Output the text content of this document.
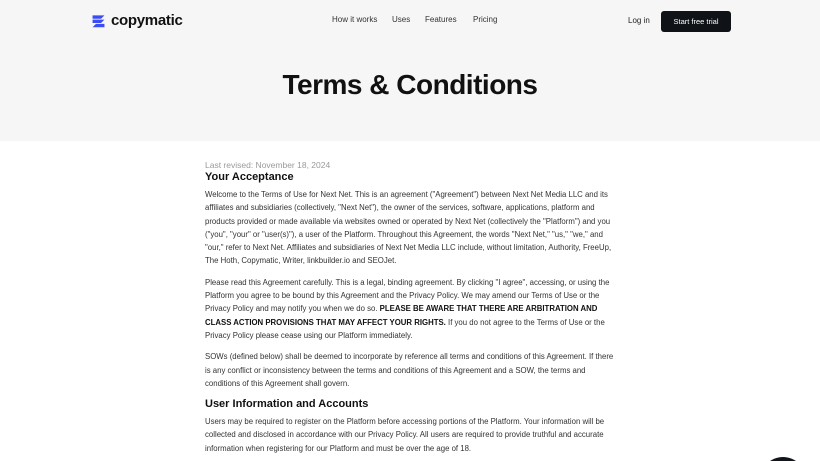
copymatic	How it works Uses Features Pricing	Log in	Start free trial
Terms & Conditions
Last revised: November 18, 2024
Your Acceptance

Welcome to the Terms of Use for Next Net. This is an agreement ("Agreement") between Next Net Media LLC and its affiliates and subsidiaries (collectively, "Next Net"), the owner of the services, software, applications, platform and products provided or made available via websites owned or operated by Next Net (collectively the "Platform") and you ("you", "your" or "user(s)"), a user of the Platform. Throughout this Agreement, the words "Next Net," "us," "we," and "our," refer to Next Net. Affiliates and subsidiaries of Next Net Media LLC include, without limitation, Authority, FreeUp, The Hoth, Copymatic, Writer, linkbuilder.io and SEOJet.

Please read this Agreement carefully. This is a legal, binding agreement. By clicking "I agree", accessing, or using the Platform you agree to be bound by this Agreement and the Privacy Policy. We may amend our Terms of Use or the Privacy Policy and may notify you when we do so. PLEASE BE AWARE THAT THERE ARE ARBITRATION AND CLASS ACTION PROVISIONS THAT MAY AFFECT YOUR RIGHTS. If you do not agree to the Terms of Use or the Privacy Policy please cease using our Platform immediately.

SOWs (defined below) shall be deemed to incorporate by reference all terms and conditions of this Agreement. If there is any conflict or inconsistency between the terms and conditions of this Agreement and a SOW, the terms and conditions of this Agreement shall govern.

User Information and Accounts

Users may be required to register on the Platform before accessing portions of the Platform. Your information will be collected and disclosed in accordance with our Privacy Policy. All users are required to provide truthful and accurate information when registering for our Platform and must be over the age of 18.
